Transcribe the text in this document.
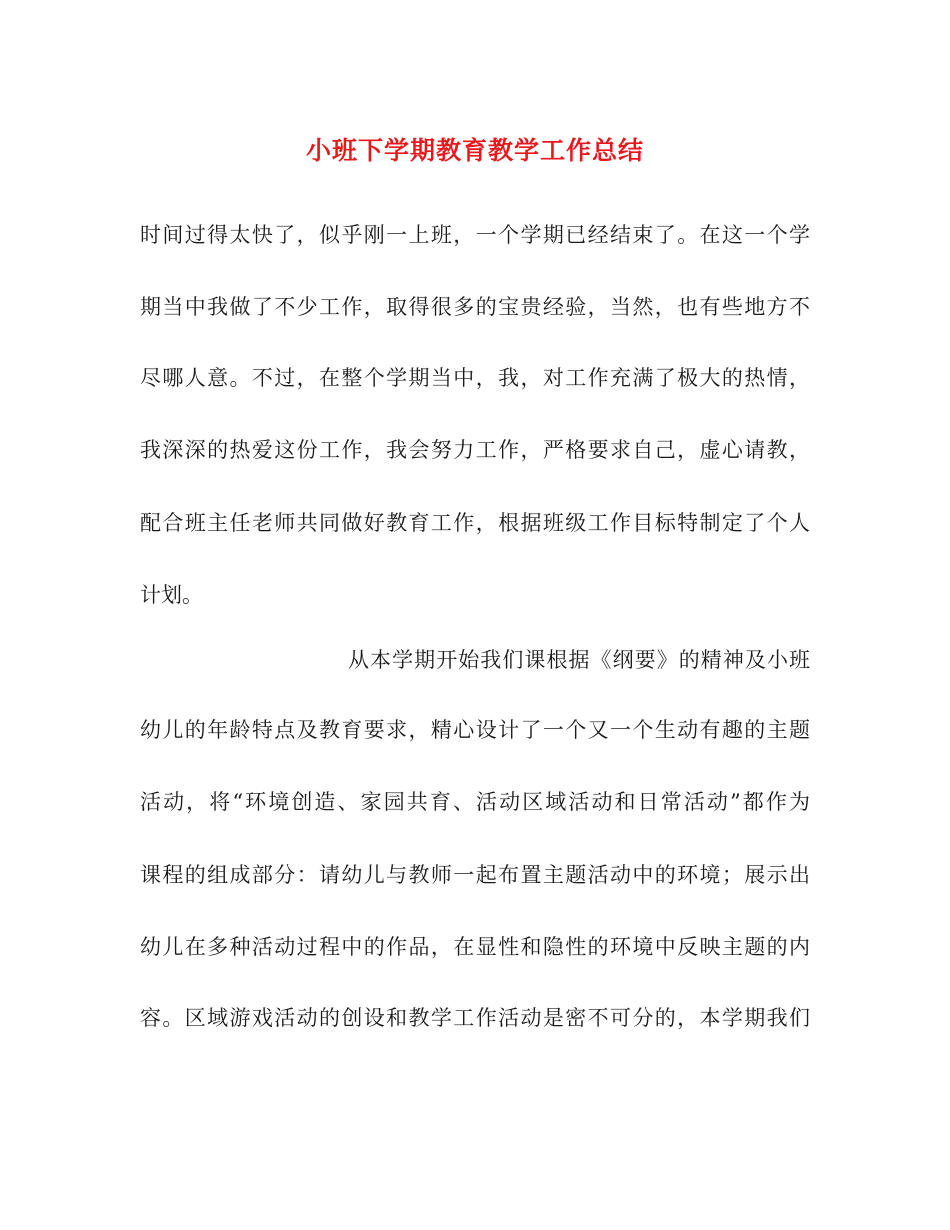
小班下学期教育教学工作总结
时间过得太快了，似乎刚一上班，一个学期已经结束了。在这一个学
期当中我做了不少工作，取得很多的宝贵经验，当然，也有些地方不
尽哪人意。不过，在整个学期当中，我，对工作充满了极大的热情，
我深深的热爱这份工作，我会努力工作，严格要求自己，虚心请教，
配合班主任老师共同做好教育工作，根据班级工作目标特制定了个人
计划。
从本学期开始我们课根据《纲要》的精神及小班
幼儿的年龄特点及教育要求，精心设计了一个又一个生动有趣的主题
活动，将“环境创造、家园共育、活动区域活动和日常活动”都作为
课程的组成部分：请幼儿与教师一起布置主题活动中的环境；展示出
幼儿在多种活动过程中的作品，在显性和隐性的环境中反映主题的内
容。区域游戏活动的创设和教学工作活动是密不可分的，本学期我们
